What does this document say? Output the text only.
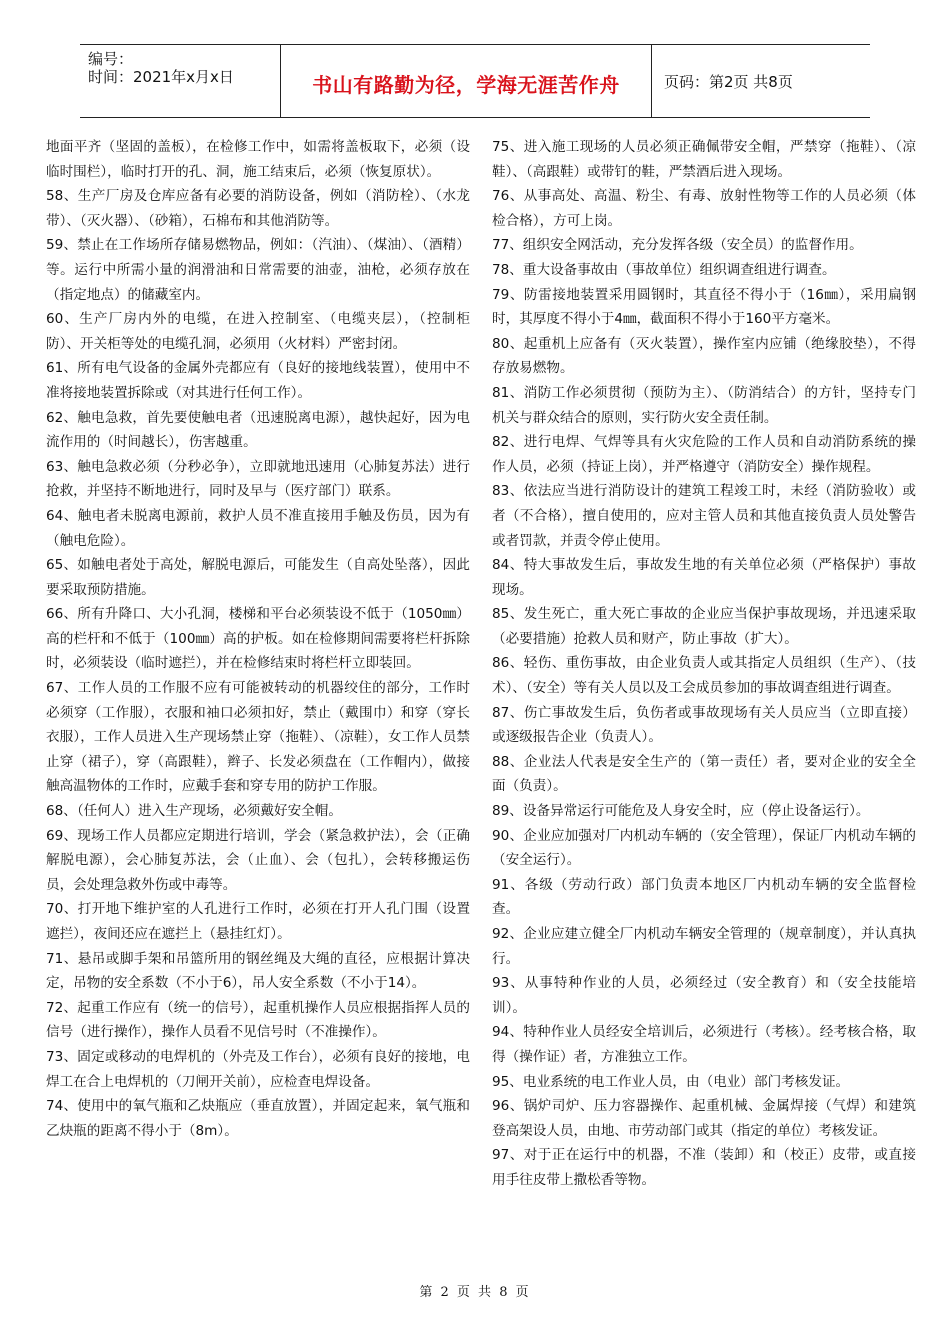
编号：
时间：2021年x月x日	书山有路勤为径，学海无涯苦作舟	页码：第2页 共8页

地面平齐（坚固的盖板），在检修工作中，如需将盖板取下，必须（设临时围栏），临时打开的孔、洞，施工结束后，必须（恢复原状）。

58、生产厂房及仓库应备有必要的消防设备，例如（消防栓）、（水龙带）、（灭火器）、（砂箱），石棉布和其他消防等。

59、禁止在工作场所存储易燃物品，例如：（汽油）、（煤油）、（酒精）等。运行中所需小量的润滑油和日常需要的油壶，油枪，必须存放在（指定地点）的储藏室内。

60、生产厂房内外的电缆，在进入控制室、（电缆夹层），（控制柜防）、开关柜等处的电缆孔洞，必须用（火材料）严密封闭。

61、所有电气设备的金属外壳都应有（良好的接地线装置），使用中不准将接地装置拆除或（对其进行任何工作）。

62、触电急救，首先要使触电者（迅速脱离电源），越快起好，因为电流作用的（时间越长），伤害越重。

63、触电急救必须（分秒必争），立即就地迅速用（心肺复苏法）进行抢救，并坚持不断地进行，同时及早与（医疗部门）联系。

64、触电者未脱离电源前，救护人员不准直接用手触及伤员，因为有（触电危险）。

65、如触电者处于高处，解脱电源后，可能发生（自高处坠落），因此要采取预防措施。

66、所有升降口、大小孔洞，楼梯和平台必须装设不低于（1050㎜）高的栏杆和不低于（100㎜）高的护板。如在检修期间需要将栏杆拆除时，必须装设（临时遮拦），并在检修结束时将栏杆立即装回。

67、工作人员的工作服不应有可能被转动的机器绞住的部分，工作时必须穿（工作服），衣服和袖口必须扣好，禁止（戴围巾）和穿（穿长衣服），工作人员进入生产现场禁止穿（拖鞋）、（凉鞋），女工作人员禁止穿（裙子），穿（高跟鞋），辫子、长发必须盘在（工作帽内），做接触高温物体的工作时，应戴手套和穿专用的防护工作服。

68、（任何人）进入生产现场，必须戴好安全帽。

69、现场工作人员都应定期进行培训，学会（紧急救护法），会（正确解脱电源），会心肺复苏法，会（止血）、会（包扎），会转移搬运伤员，会处理急救外伤或中毒等。

70、打开地下维护室的人孔进行工作时，必须在打开人孔门围（设置遮拦），夜间还应在遮拦上（悬挂红灯）。

71、悬吊或脚手架和吊篮所用的钢丝绳及大绳的直径，应根据计算决定，吊物的安全系数（不小于6），吊人安全系数（不小于14）。

72、起重工作应有（统一的信号），起重机操作人员应根据指挥人员的信号（进行操作），操作人员看不见信号时（不准操作）。

73、固定或移动的电焊机的（外壳及工作台），必须有良好的接地，电焊工在合上电焊机的（刀闸开关前），应检查电焊设备。

74、使用中的氧气瓶和乙炔瓶应（垂直放置），并固定起来，氧气瓶和乙炔瓶的距离不得小于（8m）。

75、进入施工现场的人员必须正确佩带安全帽，严禁穿（拖鞋）、（凉鞋）、（高跟鞋）或带钉的鞋，严禁酒后进入现场。

76、从事高处、高温、粉尘、有毒、放射性物等工作的人员必须（体检合格），方可上岗。

77、组织安全网活动，充分发挥各级（安全员）的监督作用。

78、重大设备事故由（事故单位）组织调查组进行调查。

79、防雷接地装置采用圆钢时，其直径不得小于（16㎜），采用扁钢时，其厚度不得小于4㎜，截面积不得小于160平方毫米。

80、起重机上应备有（灭火装置），操作室内应铺（绝缘胶垫），不得存放易燃物。

81、消防工作必须贯彻（预防为主）、（防消结合）的方针，坚持专门机关与群众结合的原则，实行防火安全责任制。

82、进行电焊、气焊等具有火灾危险的工作人员和自动消防系统的操作人员，必须（持证上岗），并严格遵守（消防安全）操作规程。

83、依法应当进行消防设计的建筑工程竣工时，未经（消防验收）或者（不合格），擅自使用的，应对主管人员和其他直接负责人员处警告或者罚款，并责令停止使用。

84、特大事故发生后，事故发生地的有关单位必须（严格保护）事故现场。

85、发生死亡，重大死亡事故的企业应当保护事故现场，并迅速采取（必要措施）抢救人员和财产，防止事故（扩大）。

86、轻伤、重伤事故，由企业负责人或其指定人员组织（生产）、（技术）、（安全）等有关人员以及工会成员参加的事故调查组进行调查。

87、伤亡事故发生后，负伤者或事故现场有关人员应当（立即直接）或逐级报告企业（负责人）。

88、企业法人代表是安全生产的（第一责任）者，要对企业的安全全面（负责）。

89、设备异常运行可能危及人身安全时，应（停止设备运行）。

90、企业应加强对厂内机动车辆的（安全管理），保证厂内机动车辆的（安全运行）。

91、各级（劳动行政）部门负责本地区厂内机动车辆的安全监督检查。

92、企业应建立健全厂内机动车辆安全管理的（规章制度），并认真执行。

93、从事特种作业的人员，必须经过（安全教育）和（安全技能培训）。

94、特种作业人员经安全培训后，必须进行（考核）。经考核合格，取得（操作证）者，方准独立工作。

95、电业系统的电工作业人员，由（电业）部门考核发证。

96、锅炉司炉、压力容器操作、起重机械、金属焊接（气焊）和建筑登高架设人员，由地、市劳动部门或其（指定的单位）考核发证。

97、对于正在运行中的机器，不准（装卸）和（校正）皮带，或直接用手往皮带上撒松香等物。

第 2 页 共 8 页
